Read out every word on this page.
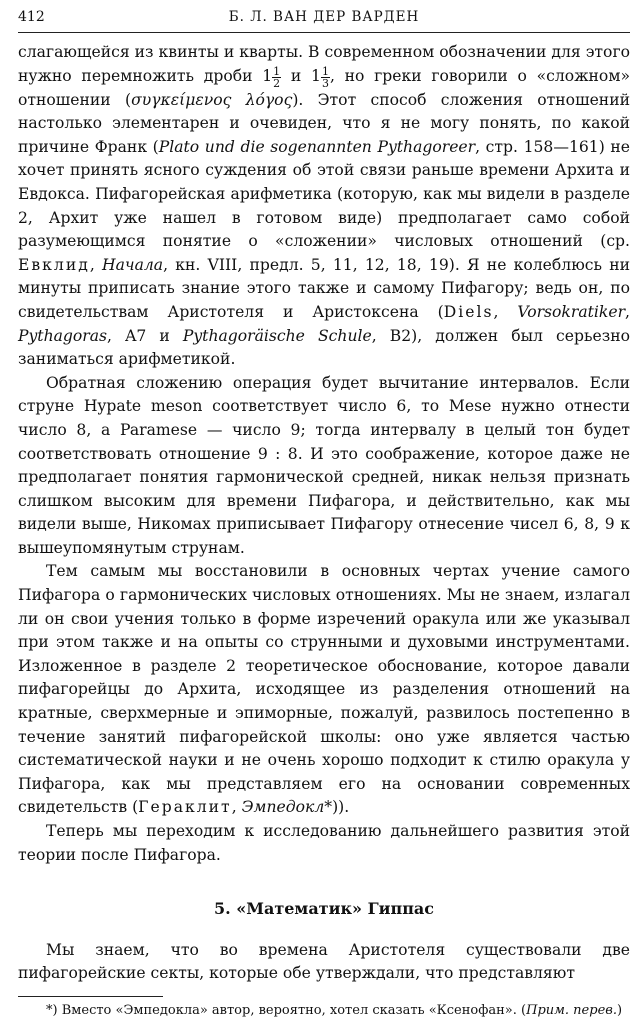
412	Б. Л. ВАН ДЕР ВАРДЕН

слагающейся из квинты и кварты. В современном обозначении для этого нужно перемножить дроби $1 \frac{1}{2}$ и $1 \frac{1}{3}$ , но греки говорили о «сложном» отношении (συγκείμενος λόγος). Этот способ сложения отношений настолько элементарен и очевиден, что я не могу понять, по какой причине Франк (Plato und die sogenannten Pythagoreer, стр. 158—161) не хочет принять ясного суждения об этой связи раньше времени Архита и Евдокса. Пифагорейская арифметика (которую, как мы видели в разделе 2, Архит уже нашел в готовом виде) предполагает само собой разумеющимся понятие о «сложении» числовых отношений (ср. Евклид, Начала, кн. VIII, предл. 5, 11, 12, 18, 19). Я не колеблюсь ни минуты приписать знание этого также и самому Пифагору; ведь он, по свидетельствам Аристотеля и Аристоксена (Diels, Vorsokratiker, Pythagoras, A7 и Pythagoräische Schule, B2), должен был серьезно заниматься арифметикой.

Обратная сложению операция будет вычитание интервалов. Если струне Hypate meson соответствует число 6, то Mese нужно отнести число 8, а Paramese — число 9; тогда интервалу в целый тон будет соответствовать отношение 9 : 8. И это соображение, которое даже не предполагает понятия гармонической средней, никак нельзя признать слишком высоким для времени Пифагора, и действительно, как мы видели выше, Никомах приписывает Пифагору отнесение чисел 6, 8, 9 к вышеупомянутым струнам.

Тем самым мы восстановили в основных чертах учение самого Пифагора о гармонических числовых отношениях. Мы не знаем, излагал ли он свои учения только в форме изречений оракула или же указывал при этом также и на опыты со струнными и духовыми инструментами. Изложенное в разделе 2 теоретическое обоснование, которое давали пифагорейцы до Архита, исходящее из разделения отношений на кратные, сверхмерные и эпиморные, пожалуй, развилось постепенно в течение занятий пифагорейской школы: оно уже является частью систематической науки и не очень хорошо подходит к стилю оракула у Пифагора, как мы представляем его на основании современных свидетельств (Гераклит, Эмпедокл*)).

Теперь мы переходим к исследованию дальнейшего развития этой теории после Пифагора.

5. «Математик» Гиппас

Мы знаем, что во времена Аристотеля существовали две пифагорейские секты, которые обе утверждали, что представляют

*) Вместо «Эмпедокла» автор, вероятно, хотел сказать «Ксенофан». (Прим. перев.)
